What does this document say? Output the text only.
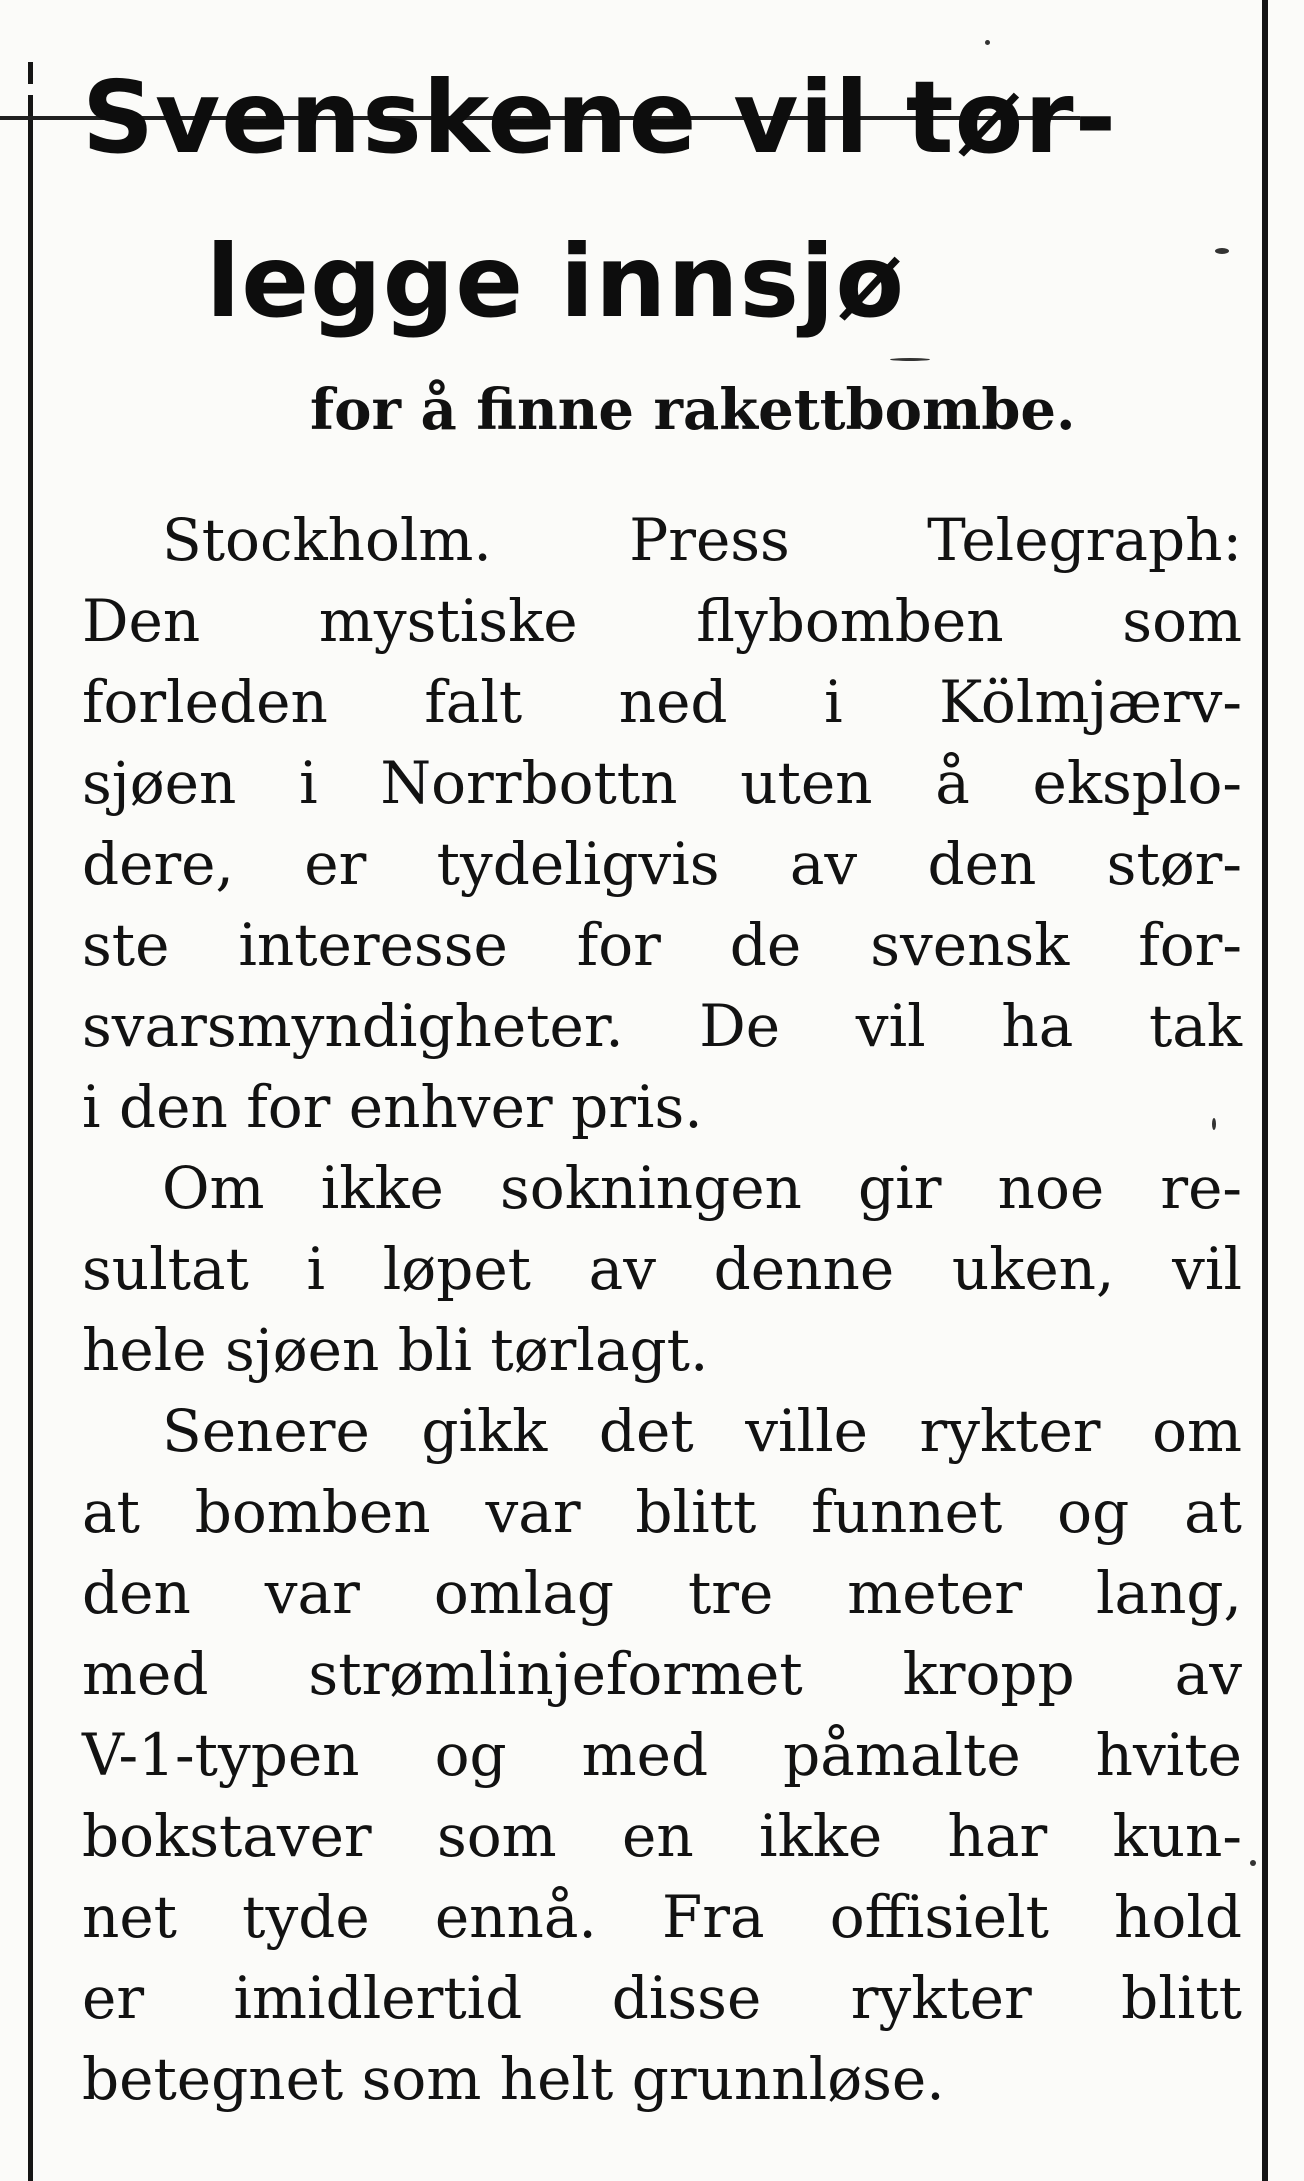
Svenskene vil tør-
legge innsjø
for å finne rakettbombe.
Stockholm. Press Telegraph:
Den mystiske flybomben som
forleden falt ned i Kölmjærv-
sjøen i Norrbottn uten å eksplo-
dere, er tydeligvis av den stør-
ste interesse for de svensk for-
svarsmyndigheter. De vil ha tak
i den for enhver pris.
Om ikke sokningen gir noe re-
sultat i løpet av denne uken, vil
hele sjøen bli tørlagt.
Senere gikk det ville rykter om
at bomben var blitt funnet og at
den var omlag tre meter lang,
med strømlinjeformet kropp av
V-1-typen og med påmalte hvite
bokstaver som en ikke har kun-
net tyde ennå. Fra offisielt hold
er imidlertid disse rykter blitt
betegnet som helt grunnløse.
